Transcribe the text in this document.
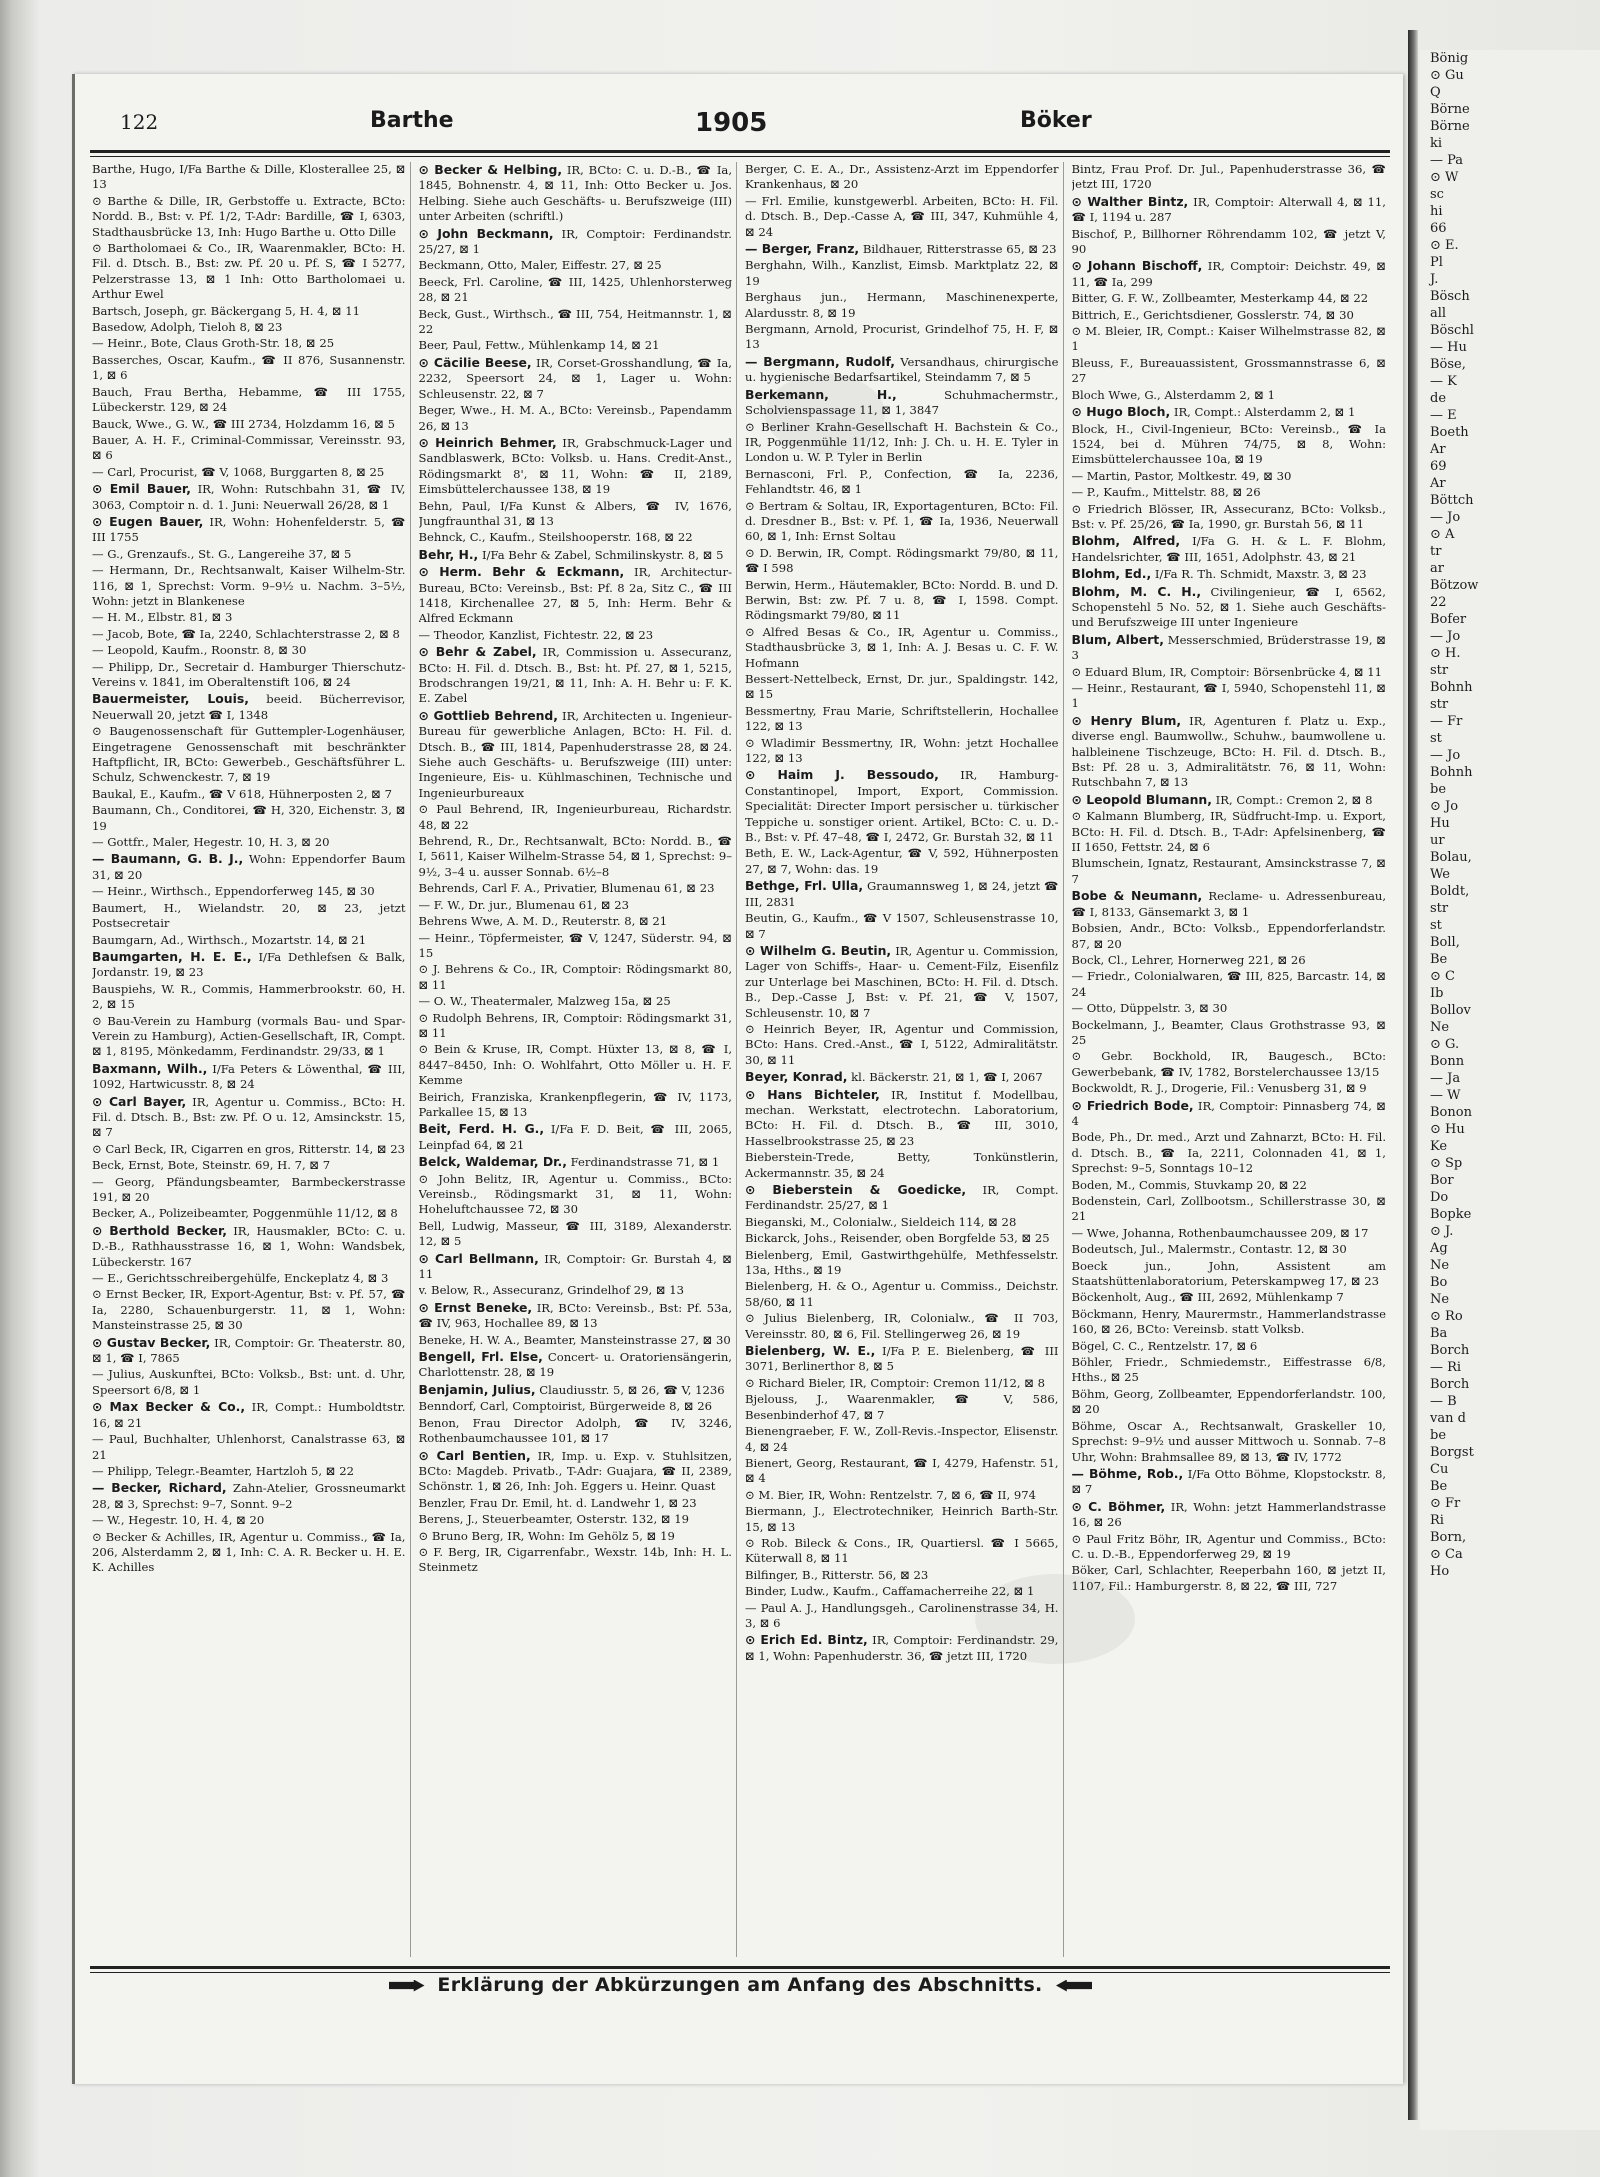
Bönig
⊙ Gu
Q
Börne
Börne
ki
— Pa
⊙ W
sc
hi
66
⊙ E.
Pl
J.
Bösch
all
Böschl
— Hu
Böse,
— K
de
— E
Boeth
Ar
69
Ar
Böttch
— Jo
⊙ A
tr
ar
Bötzow
22
Bofer
— Jo
⊙ H.
str
Bohnh
str
— Fr
st
— Jo
Bohnh
be
⊙ Jo
Hu
ur
Bolau,
We
Boldt,
str
st
Boll,
Be
⊙ C
Ib
Bollov
Ne
⊙ G.
Bonn
— Ja
— W
Bonon
⊙ Hu
Ke
⊙ Sp
Bor
Do
Bopke
⊙ J.
Ag
Ne
Bo
Ne
⊙ Ro
Ba
Borch
— Ri
Borch
— B
van d
be
Borgst
Cu
Be
⊙ Fr
Ri
Born,
⊙ Ca
Ho
122	Barthe	1905	Böker
Barthe, Hugo, I/Fa Barthe & Dille, Klosterallee 25, ⊠ 13
⊙ Barthe & Dille, IR, Gerbstoffe u. Extracte, BCto: Nordd. B., Bst: v. Pf. 1/2, T-Adr: Bardille, ☎ I, 6303, Stadthausbrücke 13, Inh: Hugo Barthe u. Otto Dille
⊙ Bartholomaei & Co., IR, Waarenmakler, BCto: H. Fil. d. Dtsch. B., Bst: zw. Pf. 20 u. Pf. S, ☎ I 5277, Pelzerstrasse 13, ⊠ 1 Inh: Otto Bartholomaei u. Arthur Ewel
Bartsch, Joseph, gr. Bäckergang 5, H. 4, ⊠ 11
Basedow, Adolph, Tieloh 8, ⊠ 23
— Heinr., Bote, Claus Groth-Str. 18, ⊠ 25
Basserches, Oscar, Kaufm., ☎ II 876, Susannenstr. 1, ⊠ 6
Bauch, Frau Bertha, Hebamme, ☎ III 1755, Lübeckerstr. 129, ⊠ 24
Bauck, Wwe., G. W., ☎ III 2734, Holzdamm 16, ⊠ 5
Bauer, A. H. F., Criminal-Commissar, Vereinsstr. 93, ⊠ 6
— Carl, Procurist, ☎ V, 1068, Burggarten 8, ⊠ 25
⊙ Emil Bauer, IR, Wohn: Rutschbahn 31, ☎ IV, 3063, Comptoir n. d. 1. Juni: Neuerwall 26/28, ⊠ 1
⊙ Eugen Bauer, IR, Wohn: Hohenfelderstr. 5, ☎ III 1755
— G., Grenzaufs., St. G., Langereihe 37, ⊠ 5
— Hermann, Dr., Rechtsanwalt, Kaiser Wilhelm-Str. 116, ⊠ 1, Sprechst: Vorm. 9–9½ u. Nachm. 3–5½, Wohn: jetzt in Blankenese
— H. M., Elbstr. 81, ⊠ 3
— Jacob, Bote, ☎ Ia, 2240, Schlachterstrasse 2, ⊠ 8
— Leopold, Kaufm., Roonstr. 8, ⊠ 30
— Philipp, Dr., Secretair d. Hamburger Thierschutz-Vereins v. 1841, im Oberaltenstift 106, ⊠ 24
Bauermeister, Louis, beeid. Bücherrevisor, Neuerwall 20, jetzt ☎ I, 1348
⊙ Baugenossenschaft für Guttempler-Logenhäuser, Eingetragene Genossenschaft mit beschränkter Haftpflicht, IR, BCto: Gewerbeb., Geschäftsführer L. Schulz, Schwenckestr. 7, ⊠ 19
Baukal, E., Kaufm., ☎ V 618, Hühnerposten 2, ⊠ 7
Baumann, Ch., Conditorei, ☎ H, 320, Eichenstr. 3, ⊠ 19
— Gottfr., Maler, Hegestr. 10, H. 3, ⊠ 20
— Baumann, G. B. J., Wohn: Eppendorfer Baum 31, ⊠ 20
— Heinr., Wirthsch., Eppendorferweg 145, ⊠ 30
Baumert, H., Wielandstr. 20, ⊠ 23, jetzt Postsecretair
Baumgarn, Ad., Wirthsch., Mozartstr. 14, ⊠ 21
Baumgarten, H. E. E., I/Fa Dethlefsen & Balk, Jordanstr. 19, ⊠ 23
Bauspiehs, W. R., Commis, Hammerbrookstr. 60, H. 2, ⊠ 15
⊙ Bau-Verein zu Hamburg (vormals Bau- und Spar-Verein zu Hamburg), Actien-Gesellschaft, IR, Compt. ⊠ 1, 8195, Mönkedamm, Ferdinandstr. 29/33, ⊠ 1
Baxmann, Wilh., I/Fa Peters & Löwenthal, ☎ III, 1092, Hartwicusstr. 8, ⊠ 24
⊙ Carl Bayer, IR, Agentur u. Commiss., BCto: H. Fil. d. Dtsch. B., Bst: zw. Pf. O u. 12, Amsinckstr. 15, ⊠ 7
⊙ Carl Beck, IR, Cigarren en gros, Ritterstr. 14, ⊠ 23
Beck, Ernst, Bote, Steinstr. 69, H. 7, ⊠ 7
— Georg, Pfändungsbeamter, Barmbeckerstrasse 191, ⊠ 20
Becker, A., Polizeibeamter, Poggenmühle 11/12, ⊠ 8
⊙ Berthold Becker, IR, Hausmakler, BCto: C. u. D.-B., Rathhausstrasse 16, ⊠ 1, Wohn: Wandsbek, Lübeckerstr. 167
— E., Gerichtsschreibergehülfe, Enckeplatz 4, ⊠ 3
⊙ Ernst Becker, IR, Export-Agentur, Bst: v. Pf. 57, ☎ Ia, 2280, Schauenburgerstr. 11, ⊠ 1, Wohn: Mansteinstrasse 25, ⊠ 30
⊙ Gustav Becker, IR, Comptoir: Gr. Theaterstr. 80, ⊠ 1, ☎ I, 7865
— Julius, Auskunftei, BCto: Volksb., Bst: unt. d. Uhr, Speersort 6/8, ⊠ 1
⊙ Max Becker & Co., IR, Compt.: Humboldtstr. 16, ⊠ 21
— Paul, Buchhalter, Uhlenhorst, Canalstrasse 63, ⊠ 21
— Philipp, Telegr.-Beamter, Hartzloh 5, ⊠ 22
— Becker, Richard, Zahn-Atelier, Grossneumarkt 28, ⊠ 3, Sprechst: 9–7, Sonnt. 9–2
— W., Hegestr. 10, H. 4, ⊠ 20
⊙ Becker & Achilles, IR, Agentur u. Commiss., ☎ Ia, 206, Alsterdamm 2, ⊠ 1, Inh: C. A. R. Becker u. H. E. K. Achilles
⊙ Becker & Helbing, IR, BCto: C. u. D.-B., ☎ Ia, 1845, Bohnenstr. 4, ⊠ 11, Inh: Otto Becker u. Jos. Helbing. Siehe auch Geschäfts- u. Berufszweige (III) unter Arbeiten (schriftl.)
⊙ John Beckmann, IR, Comptoir: Ferdinandstr. 25/27, ⊠ 1
Beckmann, Otto, Maler, Eiffestr. 27, ⊠ 25
Beeck, Frl. Caroline, ☎ III, 1425, Uhlenhorsterweg 28, ⊠ 21
Beck, Gust., Wirthsch., ☎ III, 754, Heitmannstr. 1, ⊠ 22
Beer, Paul, Fettw., Mühlenkamp 14, ⊠ 21
⊙ Cäcilie Beese, IR, Corset-Grosshandlung, ☎ Ia, 2232, Speersort 24, ⊠ 1, Lager u. Wohn: Schleusenstr. 22, ⊠ 7
Beger, Wwe., H. M. A., BCto: Vereinsb., Papendamm 26, ⊠ 13
⊙ Heinrich Behmer, IR, Grabschmuck-Lager und Sandblaswerk, BCto: Volksb. u. Hans. Credit-Anst., Rödingsmarkt 8', ⊠ 11, Wohn: ☎ II, 2189, Eimsbüttelerchaussee 138, ⊠ 19
Behn, Paul, I/Fa Kunst & Albers, ☎ IV, 1676, Jungfraunthal 31, ⊠ 13
Behnck, C., Kaufm., Steilshooperstr. 168, ⊠ 22
Behr, H., I/Fa Behr & Zabel, Schmilinskystr. 8, ⊠ 5
⊙ Herm. Behr & Eckmann, IR, Architectur-Bureau, BCto: Vereinsb., Bst: Pf. 8 2a, Sitz C., ☎ III 1418, Kirchenallee 27, ⊠ 5, Inh: Herm. Behr & Alfred Eckmann
— Theodor, Kanzlist, Fichtestr. 22, ⊠ 23
⊙ Behr & Zabel, IR, Commission u. Assecuranz, BCto: H. Fil. d. Dtsch. B., Bst: ht. Pf. 27, ⊠ 1, 5215, Brodschrangen 19/21, ⊠ 11, Inh: A. H. Behr u: F. K. E. Zabel
⊙ Gottlieb Behrend, IR, Architecten u. Ingenieur-Bureau für gewerbliche Anlagen, BCto: H. Fil. d. Dtsch. B., ☎ III, 1814, Papenhuderstrasse 28, ⊠ 24. Siehe auch Geschäfts- u. Berufszweige (III) unter: Ingenieure, Eis- u. Kühlmaschinen, Technische und Ingenieurbureaux
⊙ Paul Behrend, IR, Ingenieurbureau, Richardstr. 48, ⊠ 22
Behrend, R., Dr., Rechtsanwalt, BCto: Nordd. B., ☎ I, 5611, Kaiser Wilhelm-Strasse 54, ⊠ 1, Sprechst: 9–9½, 3–4 u. ausser Sonnab. 6½–8
Behrends, Carl F. A., Privatier, Blumenau 61, ⊠ 23
— F. W., Dr. jur., Blumenau 61, ⊠ 23
Behrens Wwe, A. M. D., Reuterstr. 8, ⊠ 21
— Heinr., Töpfermeister, ☎ V, 1247, Süderstr. 94, ⊠ 15
⊙ J. Behrens & Co., IR, Comptoir: Rödingsmarkt 80, ⊠ 11
— O. W., Theatermaler, Malzweg 15a, ⊠ 25
⊙ Rudolph Behrens, IR, Comptoir: Rödingsmarkt 31, ⊠ 11
⊙ Bein & Kruse, IR, Compt. Hüxter 13, ⊠ 8, ☎ I, 8447–8450, Inh: O. Wohlfahrt, Otto Möller u. H. F. Kemme
Beirich, Franziska, Krankenpflegerin, ☎ IV, 1173, Parkallee 15, ⊠ 13
Beit, Ferd. H. G., I/Fa F. D. Beit, ☎ III, 2065, Leinpfad 64, ⊠ 21
Belck, Waldemar, Dr., Ferdinandstrasse 71, ⊠ 1
⊙ John Belitz, IR, Agentur u. Commiss., BCto: Vereinsb., Rödingsmarkt 31, ⊠ 11, Wohn: Hoheluftchaussee 72, ⊠ 30
Bell, Ludwig, Masseur, ☎ III, 3189, Alexanderstr. 12, ⊠ 5
⊙ Carl Bellmann, IR, Comptoir: Gr. Burstah 4, ⊠ 11
v. Below, R., Assecuranz, Grindelhof 29, ⊠ 13
⊙ Ernst Beneke, IR, BCto: Vereinsb., Bst: Pf. 53a, ☎ IV, 963, Hochallee 89, ⊠ 13
Beneke, H. W. A., Beamter, Mansteinstrasse 27, ⊠ 30
Bengell, Frl. Else, Concert- u. Oratoriensängerin, Charlottenstr. 28, ⊠ 19
Benjamin, Julius, Claudiusstr. 5, ⊠ 26, ☎ V, 1236
Benndorf, Carl, Comptoirist, Bürgerweide 8, ⊠ 26
Benon, Frau Director Adolph, ☎ IV, 3246, Rothenbaumchaussee 101, ⊠ 17
⊙ Carl Bentien, IR, Imp. u. Exp. v. Stuhlsitzen, BCto: Magdeb. Privatb., T-Adr: Guajara, ☎ II, 2389, Schönstr. 1, ⊠ 26, Inh: Joh. Eggers u. Heinr. Quast
Benzler, Frau Dr. Emil, ht. d. Landwehr 1, ⊠ 23
Berens, J., Steuerbeamter, Osterstr. 132, ⊠ 19
⊙ Bruno Berg, IR, Wohn: Im Gehölz 5, ⊠ 19
⊙ F. Berg, IR, Cigarrenfabr., Wexstr. 14b, Inh: H. L. Steinmetz
Berger, C. E. A., Dr., Assistenz-Arzt im Eppendorfer Krankenhaus, ⊠ 20
— Frl. Emilie, kunstgewerbl. Arbeiten, BCto: H. Fil. d. Dtsch. B., Dep.-Casse A, ☎ III, 347, Kuhmühle 4, ⊠ 24
— Berger, Franz, Bildhauer, Ritterstrasse 65, ⊠ 23
Berghahn, Wilh., Kanzlist, Eimsb. Marktplatz 22, ⊠ 19
Berghaus jun., Hermann, Maschinenexperte, Alardusstr. 8, ⊠ 19
Bergmann, Arnold, Procurist, Grindelhof 75, H. F, ⊠ 13
— Bergmann, Rudolf, Versandhaus, chirurgische u. hygienische Bedarfsartikel, Steindamm 7, ⊠ 5
Berkemann, H.,	Schuhmachermstr., Scholvienspassage 11, ⊠ 1, 3847
⊙ Berliner Krahn-Gesellschaft H. Bachstein & Co., IR, Poggenmühle 11/12, Inh: J. Ch. u. H. E. Tyler in London u. W. P. Tyler in Berlin
Bernasconi, Frl. P., Confection, ☎ Ia, 2236, Fehlandtstr. 46, ⊠ 1
⊙ Bertram & Soltau, IR, Exportagenturen, BCto: Fil. d. Dresdner B., Bst: v. Pf. 1, ☎ Ia, 1936, Neuerwall 60, ⊠ 1, Inh: Ernst Soltau
⊙ D. Berwin, IR, Compt. Rödingsmarkt 79/80, ⊠ 11, ☎ I 598
Berwin, Herm., Häutemakler, BCto: Nordd. B. und D. Berwin, Bst: zw. Pf. 7 u. 8, ☎ I, 1598. Compt. Rödingsmarkt 79/80, ⊠ 11
⊙ Alfred Besas & Co., IR, Agentur u. Commiss., Stadthausbrücke 3, ⊠ 1, Inh: A. J. Besas u. C. F. W. Hofmann
Bessert-Nettelbeck, Ernst, Dr. jur., Spaldingstr. 142, ⊠ 15
Bessmertny, Frau Marie, Schriftstellerin, Hochallee 122, ⊠ 13
⊙ Wladimir Bessmertny, IR, Wohn: jetzt Hochallee 122, ⊠ 13
⊙ Haim J. Bessoudo, IR, Hamburg-Constantinopel, Import, Export, Commission. Specialität: Directer Import persischer u. türkischer Teppiche u. sonstiger orient. Artikel, BCto: C. u. D.-B., Bst: v. Pf. 47–48, ☎ I, 2472, Gr. Burstah 32, ⊠ 11
Beth, E. W., Lack-Agentur, ☎ V, 592, Hühnerposten 27, ⊠ 7, Wohn: das. 19
Bethge, Frl. Ulla, Graumannsweg 1, ⊠ 24, jetzt ☎ III, 2831
Beutin, G., Kaufm., ☎ V 1507, Schleusenstrasse 10, ⊠ 7
⊙ Wilhelm G. Beutin, IR, Agentur u. Commission, Lager von Schiffs-, Haar- u. Cement-Filz, Eisenfilz zur Unterlage bei Maschinen, BCto: H. Fil. d. Dtsch. B., Dep.-Casse J, Bst: v. Pf. 21, ☎ V, 1507, Schleusenstr. 10, ⊠ 7
⊙ Heinrich Beyer, IR, Agentur und Commission, BCto: Hans. Cred.-Anst., ☎ I, 5122, Admiralitätstr. 30, ⊠ 11
Beyer, Konrad, kl. Bäckerstr. 21, ⊠ 1, ☎ I, 2067
⊙ Hans Bichteler, IR, Institut f. Modellbau, mechan. Werkstatt, electrotechn. Laboratorium, BCto: H. Fil. d. Dtsch. B., ☎ III, 3010, Hasselbrookstrasse 25, ⊠ 23
Bieberstein-Trede, Betty, Tonkünstlerin, Ackermannstr. 35, ⊠ 24
⊙ Bieberstein & Goedicke, IR, Compt. Ferdinandstr. 25/27, ⊠ 1
Bieganski, M., Colonialw., Sieldeich 114, ⊠ 28
Bickarck, Johs., Reisender, oben Borgfelde 53, ⊠ 25
Bielenberg, Emil, Gastwirthgehülfe, Methfesselstr. 13a, Hths., ⊠ 19
Bielenberg, H. & O., Agentur u. Commiss., Deichstr. 58/60, ⊠ 11
⊙ Julius Bielenberg, IR, Colonialw., ☎ II 703, Vereinsstr. 80, ⊠ 6, Fil. Stellingerweg 26, ⊠ 19
Bielenberg, W. E., I/Fa P. E. Bielenberg, ☎ III 3071, Berlinerthor 8, ⊠ 5
⊙ Richard Bieler, IR, Comptoir: Cremon 11/12, ⊠ 8
Bjelouss, J., Waarenmakler, ☎ V, 586, Besenbinderhof 47, ⊠ 7
Bienengraeber, F. W., Zoll-Revis.-Inspector, Elisenstr. 4, ⊠ 24
Bienert, Georg, Restaurant, ☎ I, 4279, Hafenstr. 51, ⊠ 4
⊙ M. Bier, IR, Wohn: Rentzelstr. 7, ⊠ 6, ☎ II, 974
Biermann, J., Electrotechniker, Heinrich Barth-Str. 15, ⊠ 13
⊙ Rob. Bileck & Cons., IR, Quartiersl. ☎ I 5665, Küterwall 8, ⊠ 11
Bilfinger, B., Ritterstr. 56, ⊠ 23
Binder, Ludw., Kaufm., Caffamacherreihe 22, ⊠ 1
— Paul A. J., Handlungsgeh., Carolinenstrasse 34, H. 3, ⊠ 6
⊙ Erich Ed. Bintz, IR, Comptoir: Ferdinandstr. 29, ⊠ 1, Wohn: Papenhuderstr. 36, ☎ jetzt III, 1720
Bintz, Frau Prof. Dr. Jul., Papenhuderstrasse 36, ☎ jetzt III, 1720
⊙ Walther Bintz, IR, Comptoir: Alterwall 4, ⊠ 11, ☎ I, 1194 u. 287
Bischof, P., Billhorner Röhrendamm 102, ☎ jetzt V, 90
⊙ Johann Bischoff, IR, Comptoir: Deichstr. 49, ⊠ 11, ☎ Ia, 299
Bitter, G. F. W., Zollbeamter, Mesterkamp 44, ⊠ 22
Bittrich, E., Gerichtsdiener, Gosslerstr. 74, ⊠ 30
⊙ M. Bleier, IR, Compt.: Kaiser Wilhelmstrasse 82, ⊠ 1
Bleuss, F., Bureauassistent, Grossmannstrasse 6, ⊠ 27
Bloch Wwe, G., Alsterdamm 2, ⊠ 1
⊙ Hugo Bloch, IR, Compt.: Alsterdamm 2, ⊠ 1
Block, H., Civil-Ingenieur, BCto: Vereinsb., ☎ Ia 1524, bei d. Mühren 74/75, ⊠ 8, Wohn: Eimsbüttelerchaussee 10a, ⊠ 19
— Martin, Pastor, Moltkestr. 49, ⊠ 30
— P., Kaufm., Mittelstr. 88, ⊠ 26
⊙ Friedrich Blösser, IR, Assecuranz, BCto: Volksb., Bst: v. Pf. 25/26, ☎ Ia, 1990, gr. Burstah 56, ⊠ 11
Blohm, Alfred, I/Fa G. H. & L. F. Blohm, Handelsrichter, ☎ III, 1651, Adolphstr. 43, ⊠ 21
Blohm, Ed., I/Fa R. Th. Schmidt, Maxstr. 3, ⊠ 23
Blohm, M. C. H., Civilingenieur, ☎ I, 6562, Schopenstehl 5 No. 52, ⊠ 1. Siehe auch Geschäfts- und Berufszweige III unter Ingenieure
Blum, Albert, Messerschmied, Brüderstrasse 19, ⊠ 3
⊙ Eduard Blum, IR, Comptoir: Börsenbrücke 4, ⊠ 11
— Heinr., Restaurant, ☎ I, 5940, Schopenstehl 11, ⊠ 1
⊙ Henry Blum, IR, Agenturen f. Platz u. Exp., diverse engl. Baumwollw., Schuhw., baumwollene u. halbleinene Tischzeuge, BCto: H. Fil. d. Dtsch. B., Bst: Pf. 28 u. 3, Admiralitätstr. 76, ⊠ 11, Wohn: Rutschbahn 7, ⊠ 13
⊙ Leopold Blumann, IR, Compt.: Cremon 2, ⊠ 8
⊙ Kalmann Blumberg, IR, Südfrucht-Imp. u. Export, BCto: H. Fil. d. Dtsch. B., T-Adr: Apfelsinenberg, ☎ II 1650, Fettstr. 24, ⊠ 6
Blumschein, Ignatz, Restaurant, Amsinckstrasse 7, ⊠ 7
Bobe & Neumann, Reclame- u. Adressenbureau, ☎ I, 8133, Gänsemarkt 3, ⊠ 1
Bobsien, Andr., BCto: Volksb., Eppendorferlandstr. 87, ⊠ 20
Bock, Cl., Lehrer, Hornerweg 221, ⊠ 26
— Friedr., Colonialwaren, ☎ III, 825, Barcastr. 14, ⊠ 24
— Otto, Düppelstr. 3, ⊠ 30
Bockelmann, J., Beamter, Claus Grothstrasse 93, ⊠ 25
⊙ Gebr. Bockhold, IR, Baugesch., BCto: Gewerbebank, ☎ IV, 1782, Borstelerchaussee 13/15
Bockwoldt, R. J., Drogerie, Fil.: Venusberg 31, ⊠ 9
⊙ Friedrich Bode, IR, Comptoir: Pinnasberg 74, ⊠ 4
Bode, Ph., Dr. med., Arzt und Zahnarzt, BCto: H. Fil. d. Dtsch. B., ☎ Ia, 2211, Colonnaden 41, ⊠ 1, Sprechst: 9–5, Sonntags 10–12
Boden, M., Commis, Stuvkamp 20, ⊠ 22
Bodenstein, Carl, Zollbootsm., Schillerstrasse 30, ⊠ 21
— Wwe, Johanna, Rothenbaumchaussee 209, ⊠ 17
Bodeutsch, Jul., Malermstr., Contastr. 12, ⊠ 30
Boeck jun., John, Assistent am Staatshüttenlaboratorium, Peterskampweg 17, ⊠ 23
Böckenholt, Aug., ☎ III, 2692, Mühlenkamp 7
Böckmann, Henry, Maurermstr., Hammerlandstrasse 160, ⊠ 26, BCto: Vereinsb. statt Volksb.
Bögel, C. C., Rentzelstr. 17, ⊠ 6
Böhler, Friedr., Schmiedemstr., Eiffestrasse 6/8, Hths., ⊠ 25
Böhm, Georg, Zollbeamter, Eppendorferlandstr. 100, ⊠ 20
Böhme, Oscar A., Rechtsanwalt, Graskeller 10, Sprechst: 9–9½ und ausser Mittwoch u. Sonnab. 7–8 Uhr, Wohn: Brahmsallee 89, ⊠ 13, ☎ IV, 1772
— Böhme, Rob., I/Fa Otto Böhme, Klopstockstr. 8, ⊠ 7
⊙ C. Böhmer, IR, Wohn: jetzt Hammerlandstrasse 16, ⊠ 26
⊙ Paul Fritz Böhr, IR, Agentur und Commiss., BCto: C. u. D.-B., Eppendorferweg 29, ⊠ 19
Böker, Carl, Schlachter, Reeperbahn 160, ⊠ jetzt II, 1107, Fil.: Hamburgerstr. 8, ⊠ 22, ☎ III, 727
Erklärung der Abkürzungen am Anfang des Abschnitts.
